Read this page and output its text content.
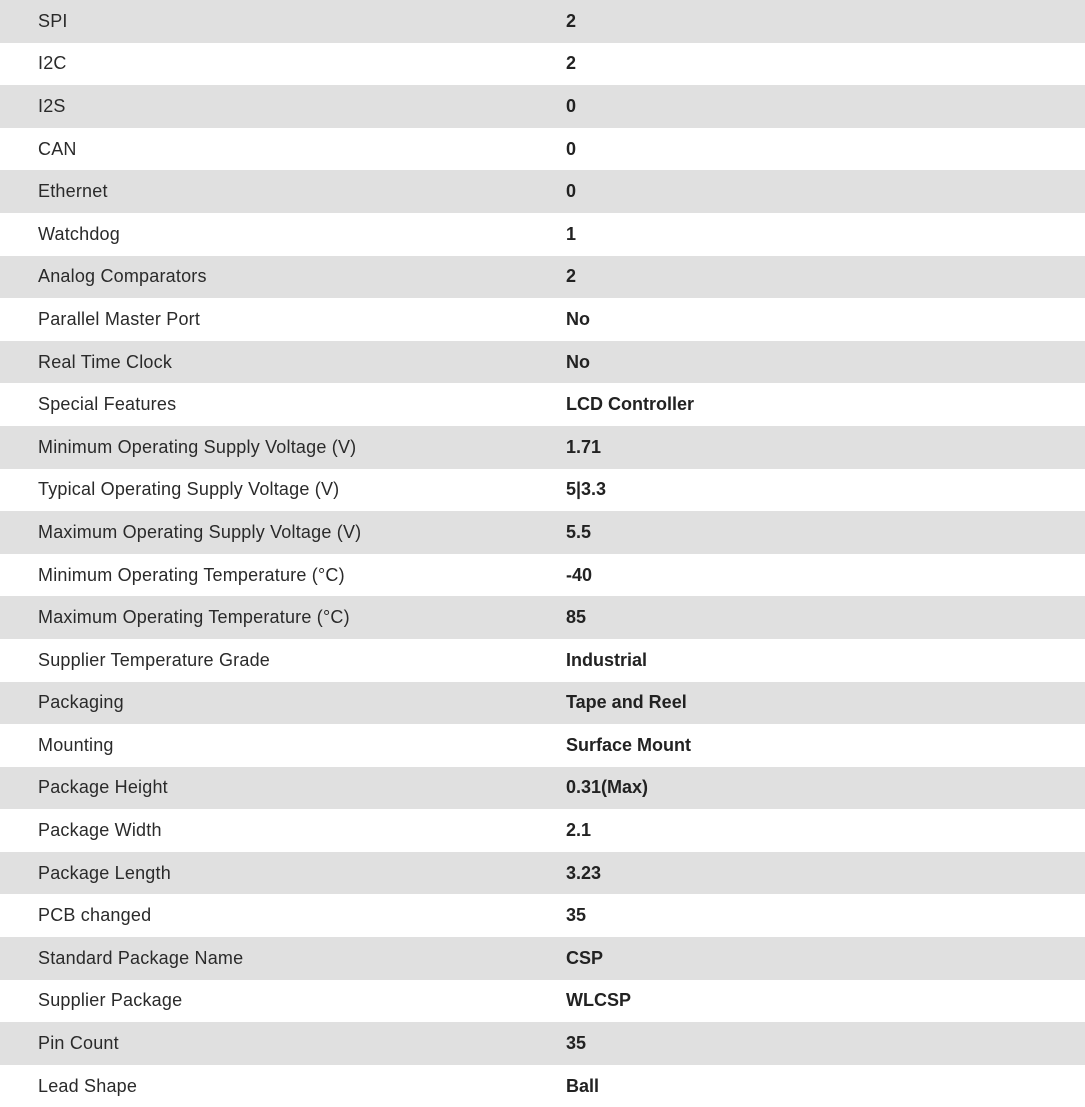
SPI	2
I2C	2
I2S	0
CAN	0
Ethernet	0
Watchdog	1
Analog Comparators	2
Parallel Master Port	No
Real Time Clock	No
Special Features	LCD Controller
Minimum Operating Supply Voltage (V)	1.71
Typical Operating Supply Voltage (V)	5|3.3
Maximum Operating Supply Voltage (V)	5.5
Minimum Operating Temperature (°C)	-40
Maximum Operating Temperature (°C)	85
Supplier Temperature Grade	Industrial
Packaging	Tape and Reel
Mounting	Surface Mount
Package Height	0.31(Max)
Package Width	2.1
Package Length	3.23
PCB changed	35
Standard Package Name	CSP
Supplier Package	WLCSP
Pin Count	35
Lead Shape	Ball
